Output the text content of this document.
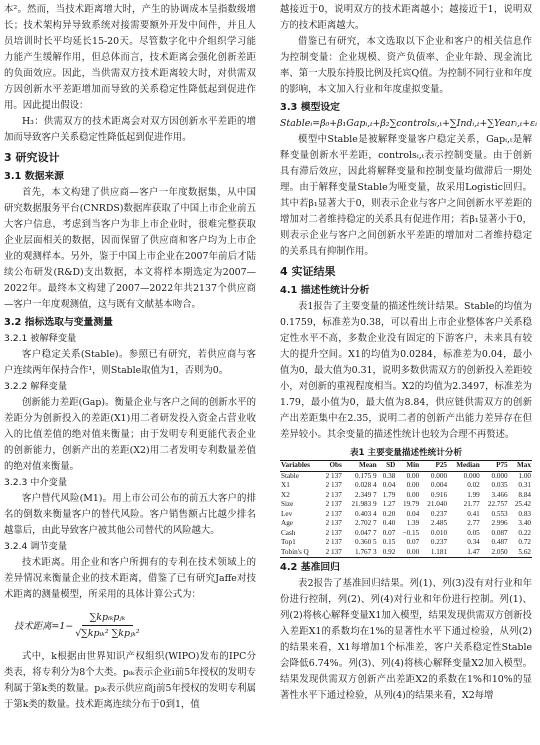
本²。然而，当技术距离增大时，产生的协调成本呈指数级增长；技术架构异导致系统对接需要额外开发中间件，并且人员培训时长平均延长15-20天。尽管数字化中介组织学习能力能产生缓解作用，但总体而言，技术距离会强化创新差距的负面效应。因此，当供需双方技术距离较大时，对供需双方因创新水平差距增加而导致的关系稳定性降低起到促进作用。因此提出假设：

H₃：供需双方的技术距离会对双方因创新水平差距的增加而导致客户关系稳定性降低起到促进作用。

3 研究设计
3.1 数据来源

首先，本文构建了供应商—客户一年度数据集，从中国研究数据服务平台(CNRDS)数据库获取了中国上市企业前五大客户信息，考虑到当客户为非上市企业时，很难完整获取企业层面相关的数据，因而保留了供应商和客户均为上市企业的观测样本。另外，鉴于中国上市企业在2007年前后才陆续公布研发(R&D)支出数据，本文将样本期选定为2007—2022年。最终本文构建了2007—2022年共2137个供应商—客户一年度观测值，这与既有文献基本吻合。

3.2 指标选取与变量测量
3.2.1 被解释变量

客户稳定关系(Stable)。参照已有研究，若供应商与客户连续两年保持合作¹，则Stable取值为1，否则为0。

3.2.2 解释变量

创新能力差距(Gap)。衡量企业与客户之间的创新水平的差距分为创新投入的差距(X1)用二者研发投入资金占营业收入的比值差值的绝对值来衡量；由于发明专利更能代表企业的创新能力，创新产出的差距(X2)用二者发明专利数量差值的绝对值来衡量。

3.2.3 中介变量

客户替代风险(M1)。用上市公司公布的前五大客户的排名的倒数来衡量客户的替代风险。客户销售额占比越少排名越靠后，由此导致客户被其他公司替代的风险越大。

3.2.4 调节变量

技术距离。用企业和客户所拥有的专利在技术领域上的差异情况来衡量企业的技术距离，借鉴了已有研究Jaffe对技术距离的测量模型，所采用的具体计算公式为：

技术距离$=1- \frac{\text{∑kpᵢₖpⱼₖ}}{\text{√∑kpᵢₖ² ∑kpⱼₖ²}}$

式中，k根据由世界知识产权组织(WIPO)发布的IPC分类表，将专利分为8个大类。pᵢₖ表示企业i前5年授权的发明专利属于第k类的数量。pⱼₖ表示供应商j前5年授权的发明专利属于第k类的数量。技术距离连续分布于0到1，值

越接近于0，说明双方的技术距离越小；越接近于1，说明双方的技术距离越大。

借鉴已有研究，本文选取以下企业和客户的相关信息作为控制变量：企业规模、资产负债率、企业年龄、现金流比率、第一大股东持股比例及托宾Q值。为控制不同行业和年度的影响，本文加入行业和年度虚拟变量。

3.3 模型设定

Stableᵢ=β₀+β₁Gapᵢ,ₜ+β₂∑controlsᵢ,ₜ+∑Indᵢ,ₜ+∑Yearᵢ,ₜ+εᵢ

模型中Stable是被解释变量客户稳定关系，Gapᵢ,ₜ是解释变量创新水平差距，controlsᵢ,ₜ表示控制变量。由于创新具有滞后效应，因此将解释变量和控制变量均做滞后一期处理。由于解释变量Stable为哑变量，故采用Logistic回归。其中若β₁显著大于0，则表示企业与客户之间创新水平差距的增加对二者维持稳定的关系具有促进作用；若β₁显著小于0，则表示企业与客户之间创新水平差距的增加对二者维持稳定的关系具有抑制作用。

4 实证结果
4.1 描述性统计分析

表1报告了主要变量的描述性统计结果。Stable的均值为0.1759，标准差为0.38，可以看出上市企业整体客户关系稳定性水平不高，多数企业没有固定的下游客户，未来具有较大的提升空间。X1的均值为0.0284，标准差为0.04，最小值为0，最大值为0.31，说明多数供需双方的创新投入差距较小，对创新的重视程度相当。X2的均值为2.3497，标准差为1.79，最小值为0，最大值为8.84，供应链供需双方的创新产出差距集中在2.35，说明二者的创新产出能力差异存在但差异较小。其余变量的描述性统计也较为合理不再赘述。

表1 主要变量描述性统计分析
Variables	Obs	Mean	SD	Min	P25	Median	P75	Max
Stable	2 137	0.175 9	0.38	0.00	0.000	0.000	0.000	1.00
X1	2 137	0.028 4	0.04	0.00	0.004	0.02	0.035	0.31
X2	2 137	2.349 7	1.79	0.00	0.916	1.99	3.466	8.84
Size	2 137	21.983 9	1.27	19.79	21.040	21.77	22.757	25.42
Lev	2 137	0.403 4	0.20	0.04	0.237	0.41	0.553	0.83
Age	2 137	2.702 7	0.40	1.39	2.485	2.77	2.996	3.40
Cash	2 137	0.047 7	0.07	−0.15	0.010	0.05	0.087	0.22
Top1	2 137	0.360 5	0.15	0.07	0.237	0.34	0.487	0.72
Tobin's Q	2 137	1.767 3	0.92	0.00	1.181	1.47	2.050	5.62
4.2 基准回归

表2报告了基准回归结果。列(1)、列(3)没有对行业和年份进行控制，列(2)、列(4)对行业和年份进行控制。列(1)、列(2)将核心解释变量X1加入模型，结果发现供需双方创新投入差距X1的系数均在1%的显著性水平下通过检验，从列(2)的结果来看，X1每增加1个标准差，客户关系稳定性Stable会降低6.74%。列(3)、列(4)将核心解释变量X2加入模型。结果发现供需双方创新产出差距X2的系数在1%和10%的显著性水平下通过检验，从列(4)的结果来看，X2每增
